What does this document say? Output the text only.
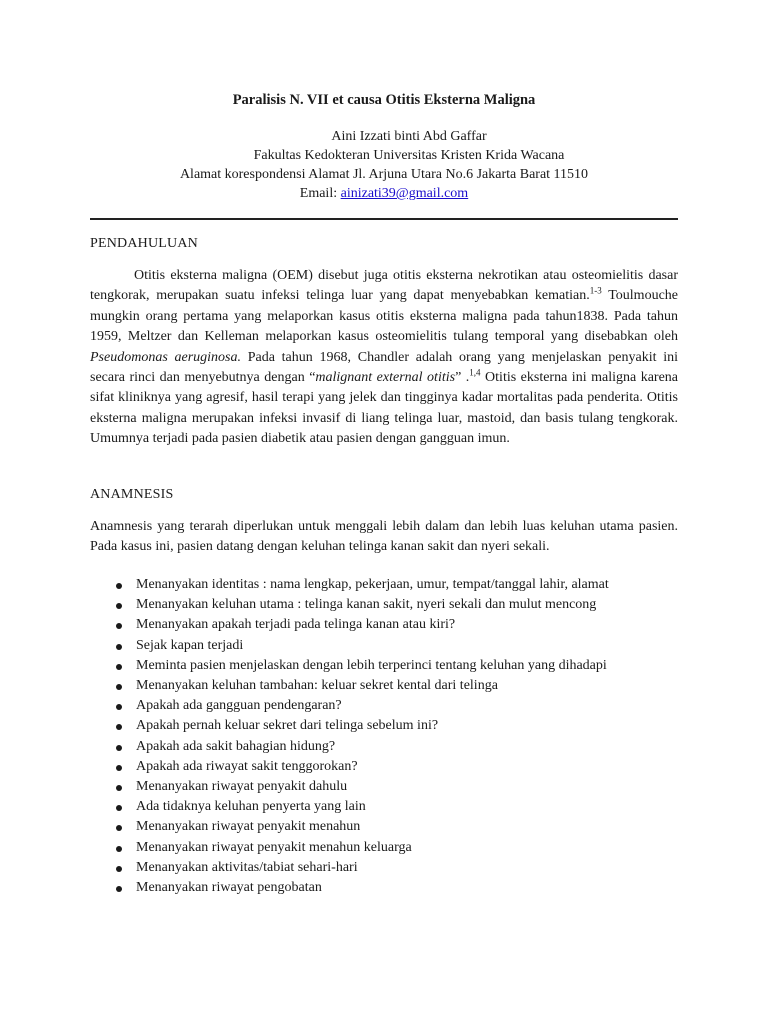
Paralisis N. VII et causa Otitis Eksterna Maligna
Aini Izzati binti Abd Gaffar
Fakultas Kedokteran Universitas Kristen Krida Wacana
Alamat korespondensi Alamat Jl. Arjuna Utara No.6 Jakarta Barat 11510
Email: ainizati39@gmail.com
PENDAHULUAN
Otitis eksterna maligna (OEM) disebut juga otitis eksterna nekrotikan atau osteomielitis dasar tengkorak, merupakan suatu infeksi telinga luar yang dapat menyebabkan kematian.$^{1-3}$ Toulmouche mungkin orang pertama yang melaporkan kasus otitis eksterna maligna pada tahun1838. Pada tahun 1959, Meltzer dan Kelleman melaporkan kasus osteomielitis tulang temporal yang disebabkan oleh Pseudomonas aeruginosa. Pada tahun 1968, Chandler adalah orang yang menjelaskan penyakit ini secara rinci dan menyebutnya dengan “malignant external otitis” .$^{1,4}$ Otitis eksterna ini maligna karena sifat kliniknya yang agresif, hasil terapi yang jelek dan tingginya kadar mortalitas pada penderita. Otitis eksterna maligna merupakan infeksi invasif di liang telinga luar, mastoid, dan basis tulang tengkorak. Umumnya terjadi pada pasien diabetik atau pasien dengan gangguan imun.
ANAMNESIS
Anamnesis yang terarah diperlukan untuk menggali lebih dalam dan lebih luas keluhan utama pasien. Pada kasus ini, pasien datang dengan keluhan telinga kanan sakit dan nyeri sekali.
Menanyakan identitas : nama lengkap, pekerjaan, umur, tempat/tanggal lahir, alamat
Menanyakan keluhan utama : telinga kanan sakit, nyeri sekali dan mulut mencong
Menanyakan apakah terjadi pada telinga kanan atau kiri?
Sejak kapan terjadi
Meminta pasien menjelaskan dengan lebih terperinci tentang keluhan yang dihadapi
Menanyakan keluhan tambahan: keluar sekret kental dari telinga
Apakah ada gangguan pendengaran?
Apakah pernah keluar sekret dari telinga sebelum ini?
Apakah ada sakit bahagian hidung?
Apakah ada riwayat sakit tenggorokan?
Menanyakan riwayat penyakit dahulu
Ada tidaknya keluhan penyerta yang lain
Menanyakan riwayat penyakit menahun
Menanyakan riwayat penyakit menahun keluarga
Menanyakan aktivitas/tabiat sehari-hari
Menanyakan riwayat pengobatan
